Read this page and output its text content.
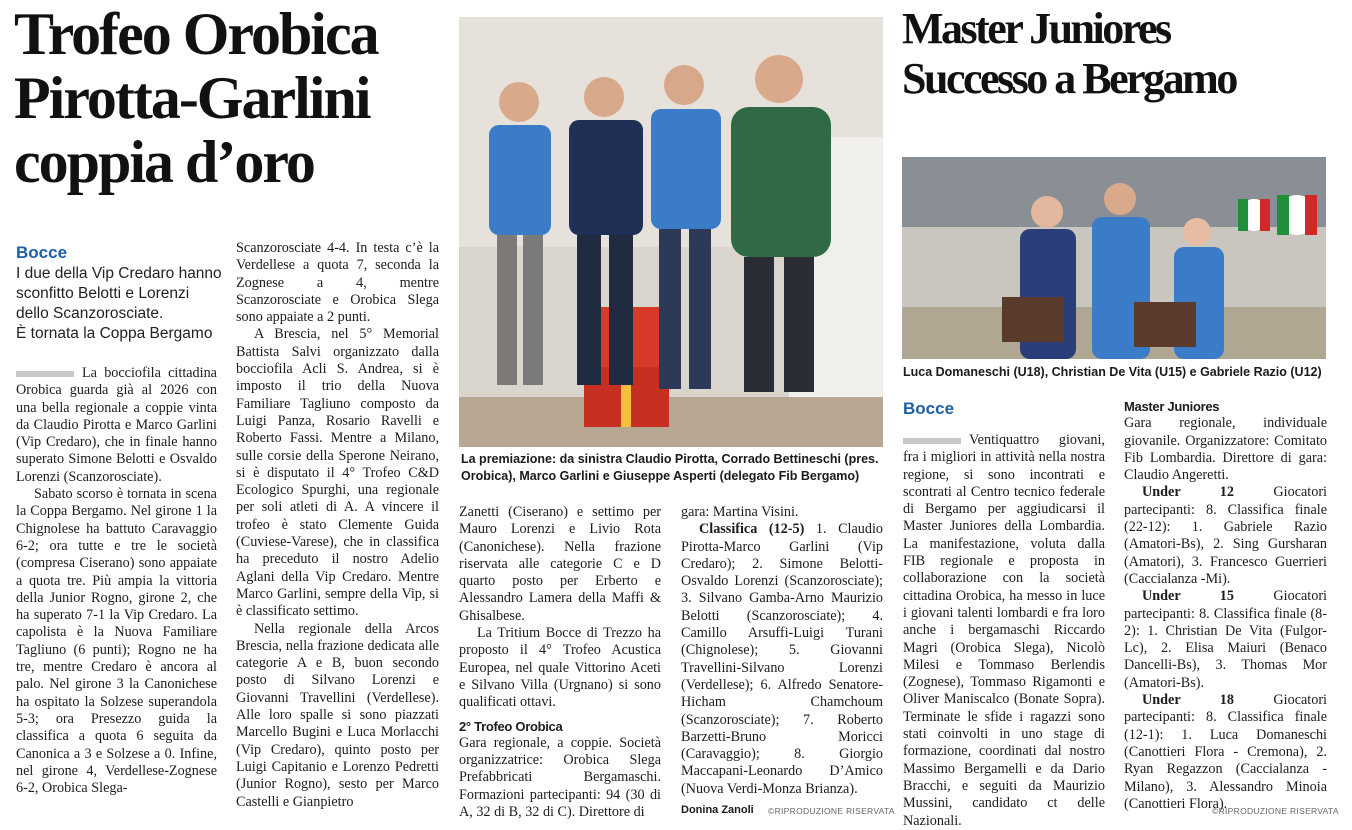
Trofeo Orobica
Pirotta-Garlini
coppia d’oro
Bocce
I due della Vip Credaro hanno
sconfitto Belotti e Lorenzi
dello Scanzorosciate.
È tornata la Coppa Bergamo

La bocciofila cittadina Orobica guarda già al 2026 con una bella regionale a coppie vinta da Claudio Pirotta e Marco Garlini (Vip Credaro), che in finale hanno superato Simone Belotti e Osvaldo Lorenzi (Scanzorosciate).

Sabato scorso è tornata in scena la Coppa Bergamo. Nel girone 1 la Chignolese ha battuto Caravaggio 6-2; ora tutte e tre le società (compresa Ciserano) sono appaiate a quota tre. Più ampia la vittoria della Junior Rogno, girone 2, che ha superato 7-1 la Vip Credaro. La capolista è la Nuova Familiare Tagliuno (6 punti); Rogno ne ha tre, mentre Credaro è ancora al palo. Nel girone 3 la Canonichese ha ospitato la Solzese superandola 5-3; ora Presezzo guida la classifica a quota 6 seguita da Canonica a 3 e Solzese a 0. Infine, nel girone 4, Verdellese-Zognese 6-2, Orobica Slega-

Scanzorosciate 4-4. In testa c’è la Verdellese a quota 7, seconda la Zognese a 4, mentre Scanzorosciate e Orobica Slega sono appaiate a 2 punti.

A Brescia, nel 5° Memorial Battista Salvi organizzato dalla bocciofila Acli S. Andrea, si è imposto il trio della Nuova Familiare Tagliuno composto da Luigi Panza, Rosario Ravelli e Roberto Fassi. Mentre a Milano, sulle corsie della Sperone Neirano, si è disputato il 4° Trofeo C&D Ecologico Spurghi, una regionale per soli atleti di A. A vincere il trofeo è stato Clemente Guida (Cuviese-Varese), che in classifica ha preceduto il nostro Adelio Aglani della Vip Credaro. Mentre Marco Garlini, sempre della Vip, si è classificato settimo.

Nella regionale della Arcos Brescia, nella frazione dedicata alle categorie A e B, buon secondo posto di Silvano Lorenzi e Giovanni Travellini (Verdellese). Alle loro spalle si sono piazzati Marcello Bugini e Luca Morlacchi (Vip Credaro), quinto posto per Luigi Capitanio e Lorenzo Pedretti (Junior Rogno), sesto per Marco Castelli e Gianpietro

La premiazione: da sinistra Claudio Pirotta, Corrado Bettineschi (pres. Orobica), Marco Garlini e Giuseppe Asperti (delegato Fib Bergamo)

Zanetti (Ciserano) e settimo per Mauro Lorenzi e Livio Rota (Canonichese). Nella frazione riservata alle categorie C e D quarto posto per Erberto e Alessandro Lamera della Maffi & Ghisalbese.

La Tritium Bocce di Trezzo ha proposto il 4° Trofeo Acustica Europea, nel quale Vittorino Aceti e Silvano Villa (Urgnano) si sono qualificati ottavi.

2° Trofeo Orobica

Gara regionale, a coppie. Società organizzatrice: Orobica Slega Prefabbricati Bergamaschi. Formazioni partecipanti: 94 (30 di A, 32 di B, 32 di C). Direttore di

gara: Martina Visini.

Classifica (12-5) 1. Claudio Pirotta-Marco Garlini (Vip Credaro); 2. Simone Belotti-Osvaldo Lorenzi (Scanzorosciate); 3. Silvano Gamba-Arno Maurizio Belotti (Scanzorosciate); 4. Camillo Arsuffi-Luigi Turani (Chignolese); 5. Giovanni Travellini-Silvano Lorenzi (Verdellese); 6. Alfredo Senatore-Hicham Chamchoum (Scanzorosciate); 7. Roberto Barzetti-Bruno Moricci (Caravaggio); 8. Giorgio Maccapani-Leonardo D’Amico (Nuova Verdi-Monza Brianza).

Donina Zanoli	©RIPRODUZIONE RISERVATA
Master Juniores
Successo a Bergamo
Luca Domaneschi (U18), Christian De Vita (U15) e Gabriele Razio (U12)
Bocce

Ventiquattro giovani, fra i migliori in attività nella nostra regione, si sono incontrati e scontrati al Centro tecnico federale di Bergamo per aggiudicarsi il Master Juniores della Lombardia. La manifestazione, voluta dalla FIB regionale e proposta in collaborazione con la società cittadina Orobica, ha messo in luce i giovani talenti lombardi e fra loro anche i bergamaschi Riccardo Magri (Orobica Slega), Nicolò Milesi e Tommaso Berlendis (Zognese), Tommaso Rigamonti e Oliver Maniscalco (Bonate Sopra). Terminate le sfide i ragazzi sono stati coinvolti in uno stage di formazione, coordinati dal nostro Massimo Bergamelli e da Dario Bracchi, e seguiti da Maurizio Mussini, candidato ct delle Nazionali.

Master Juniores

Gara regionale, individuale giovanile. Organizzatore: Comitato Fib Lombardia. Direttore di gara: Claudio Angeretti.

Under 12 Giocatori partecipanti: 8. Classifica finale (22-12): 1. Gabriele Razio (Amatori-Bs), 2. Sing Gursharan (Amatori), 3. Francesco Guerrieri (Caccialanza -Mi).

Under 15 Giocatori partecipanti: 8. Classifica finale (8-2): 1. Christian De Vita (Fulgor-Lc), 2. Elisa Maiuri (Benaco Dancelli-Bs), 3. Thomas Mor (Amatori-Bs).

Under 18 Giocatori partecipanti: 8. Classifica finale (12-1): 1. Luca Domaneschi (Canottieri Flora - Cremona), 2. Ryan Regazzon (Caccialanza - Milano), 3. Alessandro Minoia (Canottieri Flora).

©RIPRODUZIONE RISERVATA
